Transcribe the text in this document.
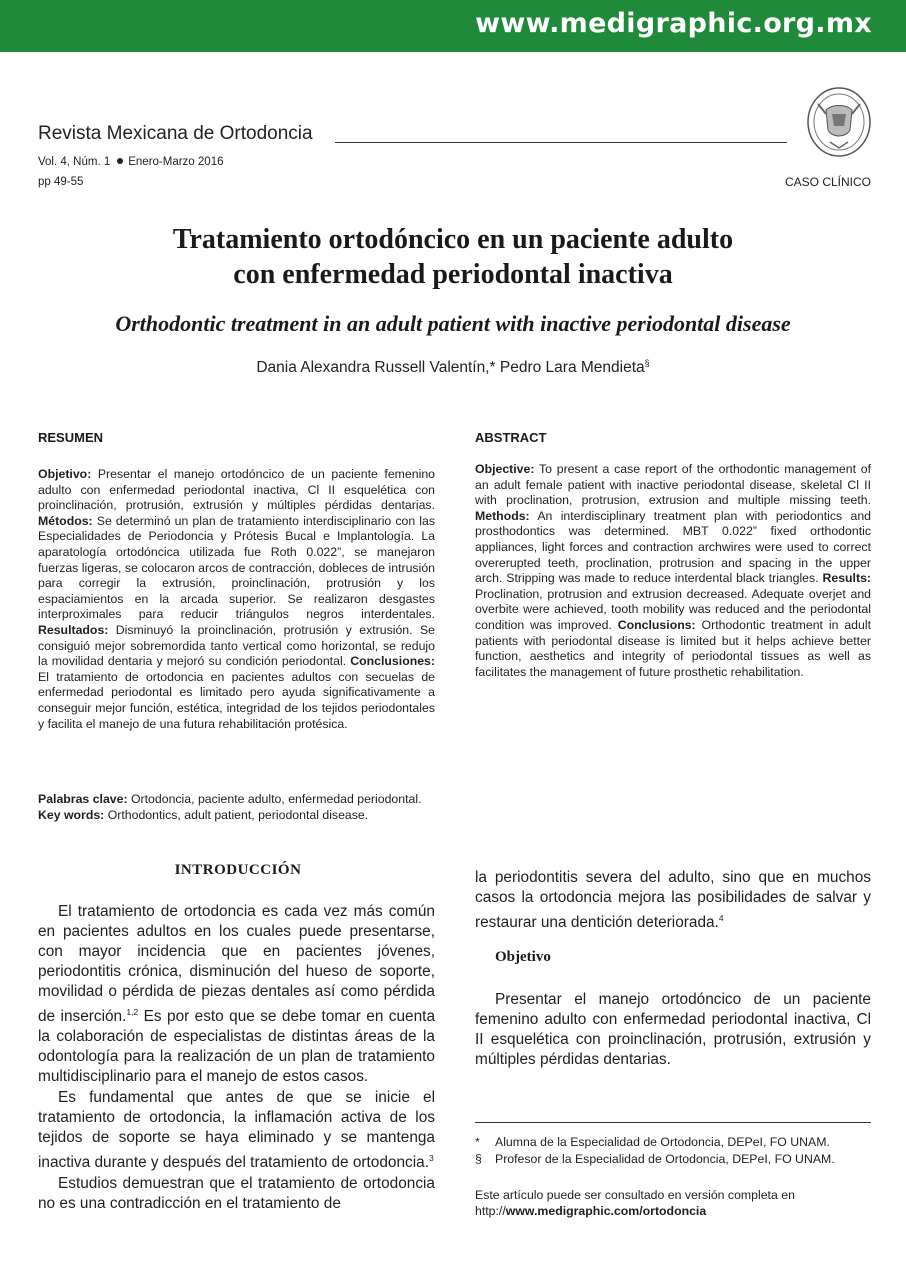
www.medigraphic.org.mx
Revista Mexicana de Ortodoncia
Vol. 4, Núm. 1 Enero-Marzo 2016
pp 49-55	CASO CLÍNICO
Tratamiento ortodóncico en un paciente adulto
con enfermedad periodontal inactiva
Orthodontic treatment in an adult patient with inactive periodontal disease
Dania Alexandra Russell Valentín,* Pedro Lara Mendieta§
RESUMEN
Objetivo: Presentar el manejo ortodóncico de un paciente femenino adulto con enfermedad periodontal inactiva, Cl II esquelética con proinclinación, protrusión, extrusión y múltiples pérdidas dentarias. Métodos: Se determinó un plan de tratamiento interdisciplinario con las Especialidades de Periodoncia y Prótesis Bucal e Implantología. La aparatología ortodóncica utilizada fue Roth 0.022”, se manejaron fuerzas ligeras, se colocaron arcos de contracción, dobleces de intrusión para corregir la extrusión, proinclinación, protrusión y los espaciamientos en la arcada superior. Se realizaron desgastes interproximales para reducir triángulos negros interdentales. Resultados: Disminuyó la proinclinación, protrusión y extrusión. Se consiguió mejor sobremordida tanto vertical como horizontal, se redujo la movilidad dentaria y mejoró su condición periodontal. Conclusiones: El tratamiento de ortodoncia en pacientes adultos con secuelas de enfermedad periodontal es limitado pero ayuda significativamente a conseguir mejor función, estética, integridad de los tejidos periodontales y facilita el manejo de una futura rehabilitación protésica.
ABSTRACT
Objective: To present a case report of the orthodontic management of an adult female patient with inactive periodontal disease, skeletal Cl II with proclination, protrusion, extrusion and multiple missing teeth. Methods: An interdisciplinary treatment plan with periodontics and prosthodontics was determined. MBT 0.022” fixed orthodontic appliances, light forces and contraction archwires were used to correct overerupted teeth, proclination, protrusion and spacing in the upper arch. Stripping was made to reduce interdental black triangles. Results: Proclination, protrusion and extrusion decreased. Adequate overjet and overbite were achieved, tooth mobility was reduced and the periodontal condition was improved. Conclusions: Orthodontic treatment in adult patients with periodontal disease is limited but it helps achieve better function, aesthetics and integrity of periodontal tissues as well as facilitates the management of future prosthetic rehabilitation.
Palabras clave: Ortodoncia, paciente adulto, enfermedad periodontal.
Key words: Orthodontics, adult patient, periodontal disease.
INTRODUCCIÓN

El tratamiento de ortodoncia es cada vez más común en pacientes adultos en los cuales puede presentarse, con mayor incidencia que en pacientes jóvenes, periodontitis crónica, disminución del hueso de soporte, movilidad o pérdida de piezas dentales así como pérdida de inserción.$^{1,2}$ Es por esto que se debe tomar en cuenta la colaboración de especialistas de distintas áreas de la odontología para la realización de un plan de tratamiento multidisciplinario para el manejo de estos casos.

Es fundamental que antes de que se inicie el tratamiento de ortodoncia, la inflamación activa de los tejidos de soporte se haya eliminado y se mantenga inactiva durante y después del tratamiento de ortodoncia.$^3$

Estudios demuestran que el tratamiento de ortodoncia no es una contradicción en el tratamiento de

la periodontitis severa del adulto, sino que en muchos casos la ortodoncia mejora las posibilidades de salvar y restaurar una dentición deteriorada.$^4$
Objetivo

Presentar el manejo ortodóncico de un paciente femenino adulto con enfermedad periodontal inactiva, Cl II esquelética con proinclinación, protrusión, extrusión y múltiples pérdidas dentarias.

* Alumna de la Especialidad de Ortodoncia, DEPeI, FO UNAM.
§ Profesor de la Especialidad de Ortodoncia, DEPeI, FO UNAM.
Este artículo puede ser consultado en versión completa en
http://www.medigraphic.com/ortodoncia
